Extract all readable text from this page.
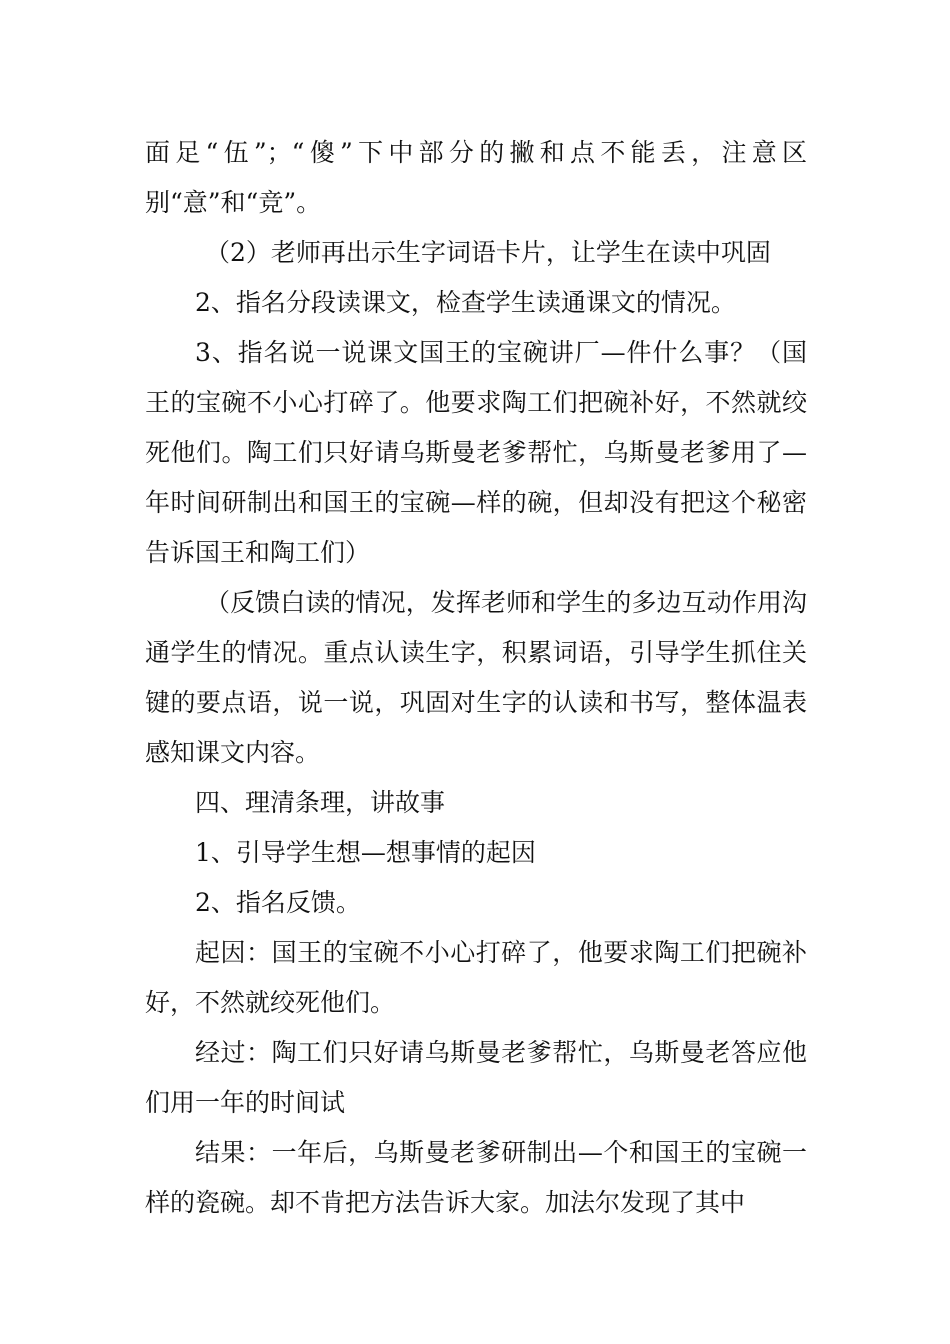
面足“伍”；“傻”下中部分的撇和点不能丢，注意区别“意”和“竞”。

（2）老师再出示生字词语卡片，让学生在读中巩固

2、指名分段读课文，检查学生读通课文的情况。

3、指名说一说课文国王的宝碗讲厂—件什么事？（国王的宝碗不小心打碎了。他要求陶工们把碗补好，不然就绞死他们。陶工们只好请乌斯曼老爹帮忙，乌斯曼老爹用了—年时间研制出和国王的宝碗—样的碗，但却没有把这个秘密告诉国王和陶工们）

（反馈白读的情况，发挥老师和学生的多边互动作用沟通学生的情况。重点认读生字，积累词语，引导学生抓住关键的要点语，说一说，巩固对生字的认读和书写，整体温表感知课文内容。

四、理清条理，讲故事

1、引导学生想—想事情的起因

2、指名反馈。

起因：国王的宝碗不小心打碎了，他要求陶工们把碗补好，不然就绞死他们。

经过：陶工们只好请乌斯曼老爹帮忙，乌斯曼老答应他们用一年的时间试

结果：一年后，乌斯曼老爹研制出—个和国王的宝碗一样的瓷碗。却不肯把方法告诉大家。加法尔发现了其中
